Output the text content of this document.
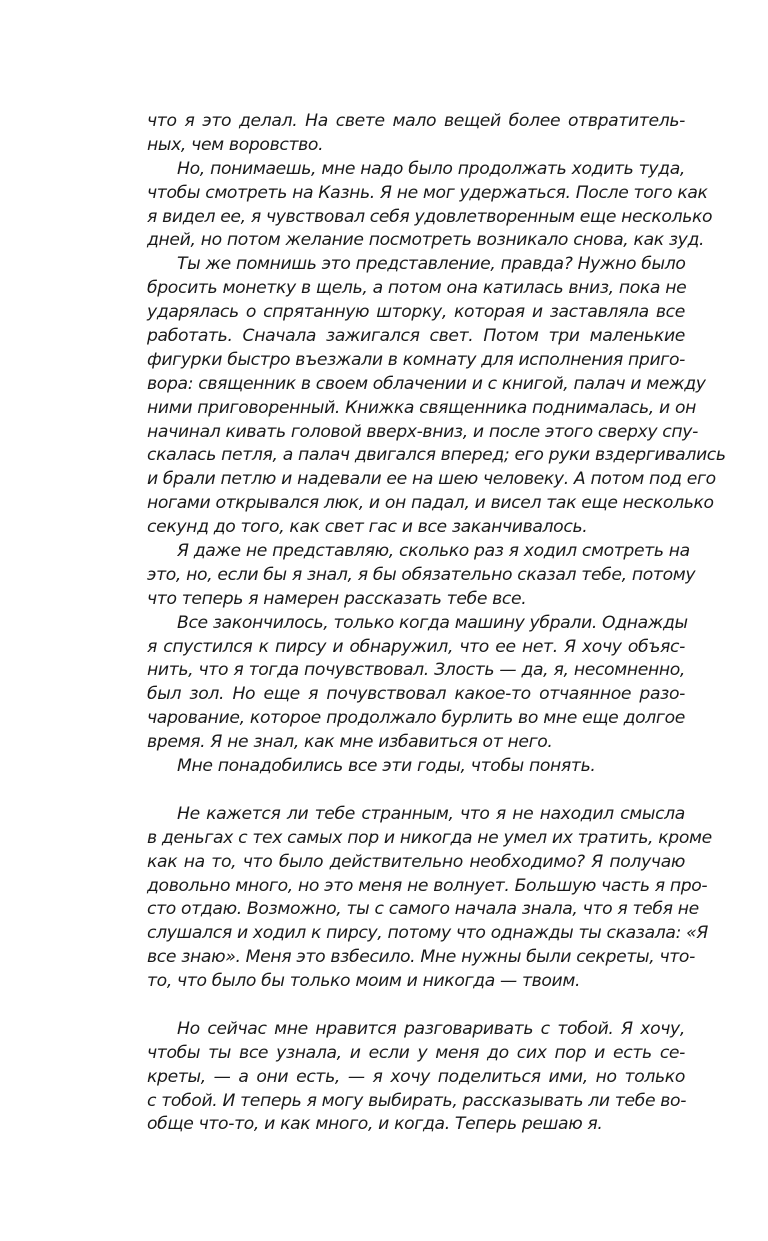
что я это делал. На свете мало вещей более отвратитель-
ных, чем воровство.
Но, понимаешь, мне надо было продолжать ходить туда,
чтобы смотреть на Казнь. Я не мог удержаться. После того как
я видел ее, я чувствовал себя удовлетворенным еще несколько
дней, но потом желание посмотреть возникало снова, как зуд.
Ты же помнишь это представление, правда? Нужно было
бросить монетку в щель, а потом она катилась вниз, пока не
ударялась о спрятанную шторку, которая и заставляла все
работать. Сначала зажигался свет. Потом три маленькие
фигурки быстро въезжали в комнату для исполнения приго-
вора: священник в своем облачении и с книгой, палач и между
ними приговоренный. Книжка священника поднималась, и он
начинал кивать головой вверх-вниз, и после этого сверху спу-
скалась петля, а палач двигался вперед; его руки вздергивались
и брали петлю и надевали ее на шею человеку. А потом под его
ногами открывался люк, и он падал, и висел так еще несколько
секунд до того, как свет гас и все заканчивалось.
Я даже не представляю, сколько раз я ходил смотреть на
это, но, если бы я знал, я бы обязательно сказал тебе, потому
что теперь я намерен рассказать тебе все.
Все закончилось, только когда машину убрали. Однажды
я спустился к пирсу и обнаружил, что ее нет. Я хочу объяс-
нить, что я тогда почувствовал. Злость — да, я, несомненно,
был зол. Но еще я почувствовал какое-то отчаянное разо-
чарование, которое продолжало бурлить во мне еще долгое
время. Я не знал, как мне избавиться от него.
Мне понадобились все эти годы, чтобы понять.
Не кажется ли тебе странным, что я не находил смысла
в деньгах с тех самых пор и никогда не умел их тратить, кроме
как на то, что было действительно необходимо? Я получаю
довольно много, но это меня не волнует. Большую часть я про-
сто отдаю. Возможно, ты с самого начала знала, что я тебя не
слушался и ходил к пирсу, потому что однажды ты сказала: «Я
все знаю». Меня это взбесило. Мне нужны были секреты, что-
то, что было бы только моим и никогда — твоим.
Но сейчас мне нравится разговаривать с тобой. Я хочу,
чтобы ты все узнала, и если у меня до сих пор и есть се-
креты, — а они есть, — я хочу поделиться ими, но только
с тобой. И теперь я могу выбирать, рассказывать ли тебе во-
обще что-то, и как много, и когда. Теперь решаю я.
